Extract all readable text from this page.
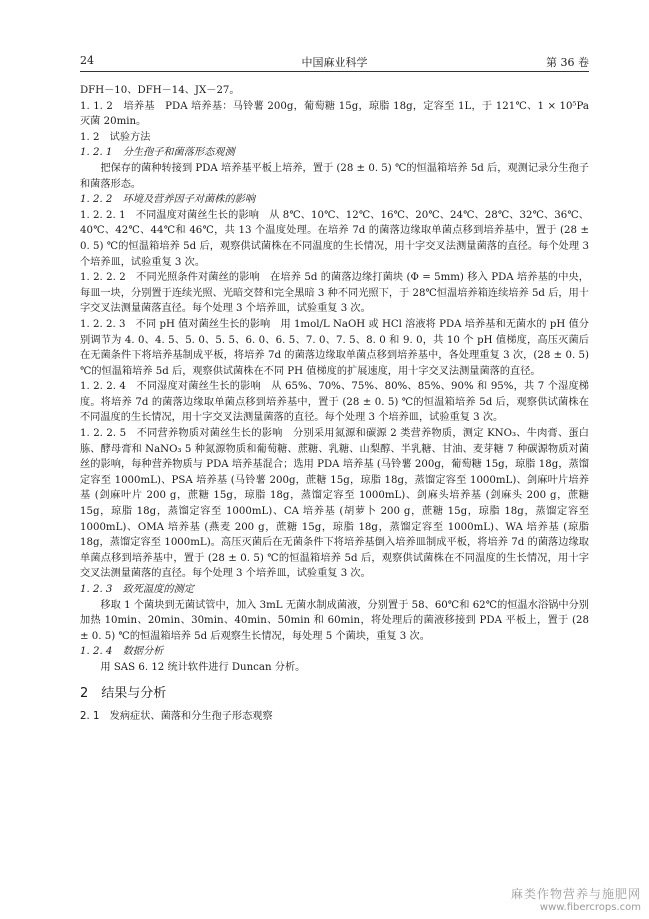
24	中国麻业科学	第 36 卷

DFH－10、DFH－14、JX－27。

1. 1. 2　培养基　PDA 培养基：马铃薯 200g，葡萄糖 15g，琼脂 18g，定容至 1L，于 121℃、1 × 10⁵Pa 灭菌 20min。

1. 2　试验方法

1. 2. 1　分生孢子和菌落形态观测

把保存的菌种转接到 PDA 培养基平板上培养，置于 (28 ± 0. 5) ℃的恒温箱培养 5d 后，观测记录分生孢子和菌落形态。

1. 2. 2　环境及营养因子对菌株的影响

1. 2. 2. 1　不同温度对菌丝生长的影响　从 8℃、10℃、12℃、16℃、20℃、24℃、28℃、32℃、36℃、40℃、42℃、44℃和 46℃，共 13 个温度处理。在培养 7d 的菌落边缘取单菌点移到培养基中，置于 (28 ± 0. 5) ℃的恒温箱培养 5d 后，观察供试菌株在不同温度的生长情况，用十字交叉法测量菌落的直径。每个处理 3 个培养皿，试验重复 3 次。

1. 2. 2. 2　不同光照条件对菌丝的影响　在培养 5d 的菌落边缘打菌块 (Φ = 5mm) 移入 PDA 培养基的中央，每皿一块，分别置于连续光照、光暗交替和完全黑暗 3 种不同光照下，于 28℃恒温培养箱连续培养 5d 后，用十字交叉法测量菌落直径。每个处理 3 个培养皿，试验重复 3 次。

1. 2. 2. 3　不同 pH 值对菌丝生长的影响　用 1mol/L NaOH 或 HCl 溶液将 PDA 培养基和无菌水的 pH 值分别调节为 4. 0、4. 5、5. 0、5. 5、6. 0、6. 5、7. 0、7. 5、8. 0 和 9. 0，共 10 个 pH 值梯度，高压灭菌后在无菌条件下将培养基制成平板，将培养 7d 的菌落边缘取单菌点移到培养基中，各处理重复 3 次，(28 ± 0. 5) ℃的恒温箱培养 5d 后，观察供试菌株在不同 PH 值梯度的扩展速度，用十字交叉法测量菌落的直径。

1. 2. 2. 4　不同湿度对菌丝生长的影响　从 65%、70%、75%、80%、85%、90% 和 95%，共 7 个湿度梯度。将培养 7d 的菌落边缘取单菌点移到培养基中，置于 (28 ± 0. 5) ℃的恒温箱培养 5d 后，观察供试菌株在不同温度的生长情况，用十字交叉法测量菌落的直径。每个处理 3 个培养皿，试验重复 3 次。

1. 2. 2. 5　不同营养物质对菌丝生长的影响　分别采用氮源和碳源 2 类营养物质，测定 KNO₃、牛肉膏、蛋白胨、酵母膏和 NaNO₃ 5 种氮源物质和葡萄糖、蔗糖、乳糖、山梨醇、半乳糖、甘油、麦芽糖 7 种碳源物质对菌丝的影响，每种营养物质与 PDA 培养基混合；选用 PDA 培养基 (马铃薯 200g，葡萄糖 15g，琼脂 18g，蒸馏定容至 1000mL)、PSA 培养基 (马铃薯 200g，蔗糖 15g，琼脂 18g，蒸馏定容至 1000mL)、剑麻叶片培养基 (剑麻叶片 200 g，蔗糖 15g，琼脂 18g，蒸馏定容至 1000mL)、剑麻头培养基 (剑麻头 200 g，蔗糖 15g，琼脂 18g，蒸馏定容至 1000mL)、CA 培养基 (胡萝卜 200 g，蔗糖 15g，琼脂 18g，蒸馏定容至 1000mL)、OMA 培养基 (燕麦 200 g，蔗糖 15g，琼脂 18g，蒸馏定容至 1000mL)、WA 培养基 (琼脂 18g，蒸馏定容至 1000mL)。高压灭菌后在无菌条件下将培养基倒入培养皿制成平板，将培养 7d 的菌落边缘取单菌点移到培养基中，置于 (28 ± 0. 5) ℃的恒温箱培养 5d 后，观察供试菌株在不同温度的生长情况，用十字交叉法测量菌落的直径。每个处理 3 个培养皿，试验重复 3 次。

1. 2. 3　致死温度的测定

移取 1 个菌块到无菌试管中，加入 3mL 无菌水制成菌液，分别置于 58、60℃和 62℃的恒温水浴锅中分别加热 10min、20min、30min、40min、50min 和 60min，将处理后的菌液移接到 PDA 平板上，置于 (28 ± 0. 5) ℃的恒温箱培养 5d 后观察生长情况，每处理 5 个菌块，重复 3 次。

1. 2. 4　数据分析

用 SAS 6. 12 统计软件进行 Duncan 分析。

2　结果与分析

2. 1　发病症状、菌落和分生孢子形态观察

麻类作物营养与施肥网
www.fibercrops.com
